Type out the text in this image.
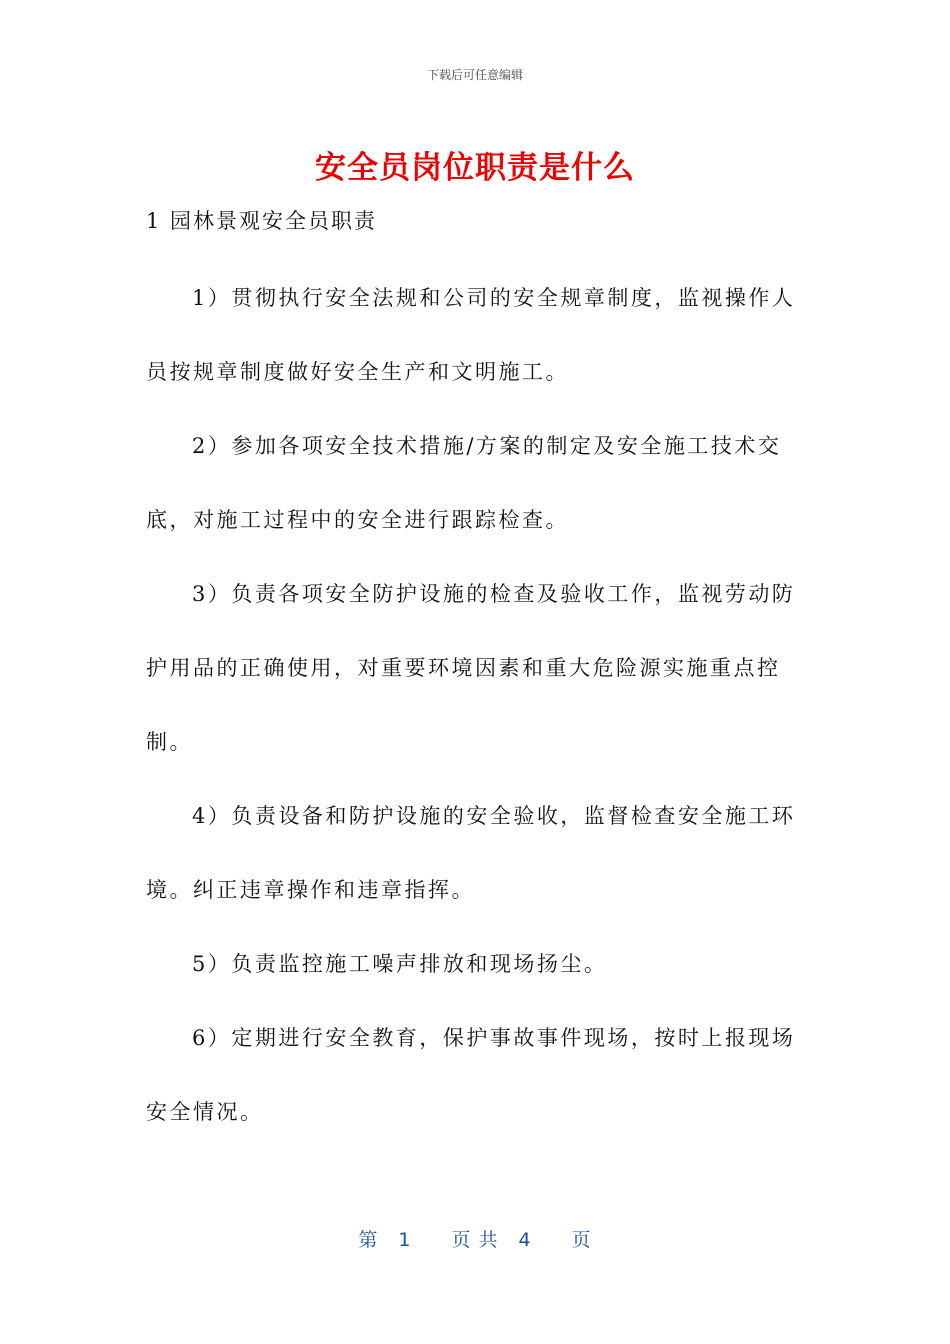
下载后可任意编辑
安全员岗位职责是什么
1 园林景观安全员职责
1）贯彻执行安全法规和公司的安全规章制度，监视操作人
员按规章制度做好安全生产和文明施工。
2）参加各项安全技术措施/方案的制定及安全施工技术交
底，对施工过程中的安全进行跟踪检查。
3）负责各项安全防护设施的检查及验收工作，监视劳动防
护用品的正确使用，对重要环境因素和重大危险源实施重点控
制。
4）负责设备和防护设施的安全验收，监督检查安全施工环
境。纠正违章操作和违章指挥。
5）负责监控施工噪声排放和现场扬尘。
6）定期进行安全教育，保护事故事件现场，按时上报现场
安全情况。
第　1　　页 共　4　　页
